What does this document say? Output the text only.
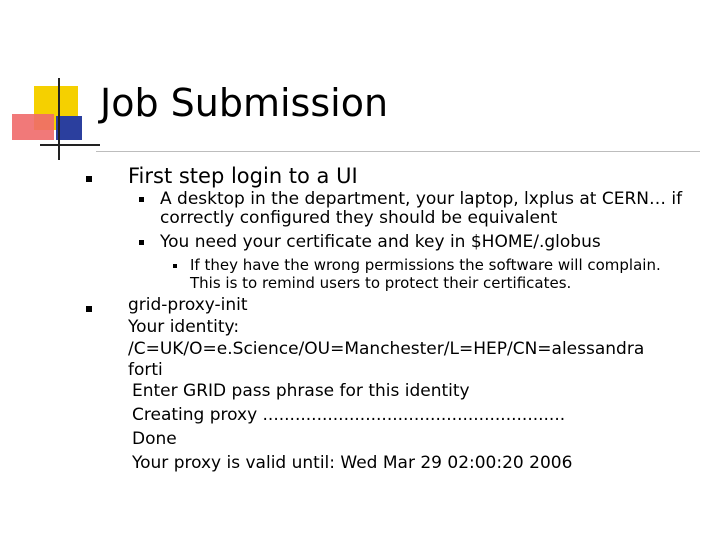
Job Submission
First step login to a UI
A desktop in the department, your laptop, lxplus at CERN… if
correctly configured they should be equivalent
You need your certificate and key in $HOME/.globus
If they have the wrong permissions the software will complain.
This is to remind users to protect their certificates.
grid-proxy-init
Your identity:
/C=UK/O=e.Science/OU=Manchester/L=HEP/CN=alessandra
forti
Enter GRID pass phrase for this identity
Creating proxy ........................................................
Done
Your proxy is valid until: Wed Mar 29 02:00:20 2006
